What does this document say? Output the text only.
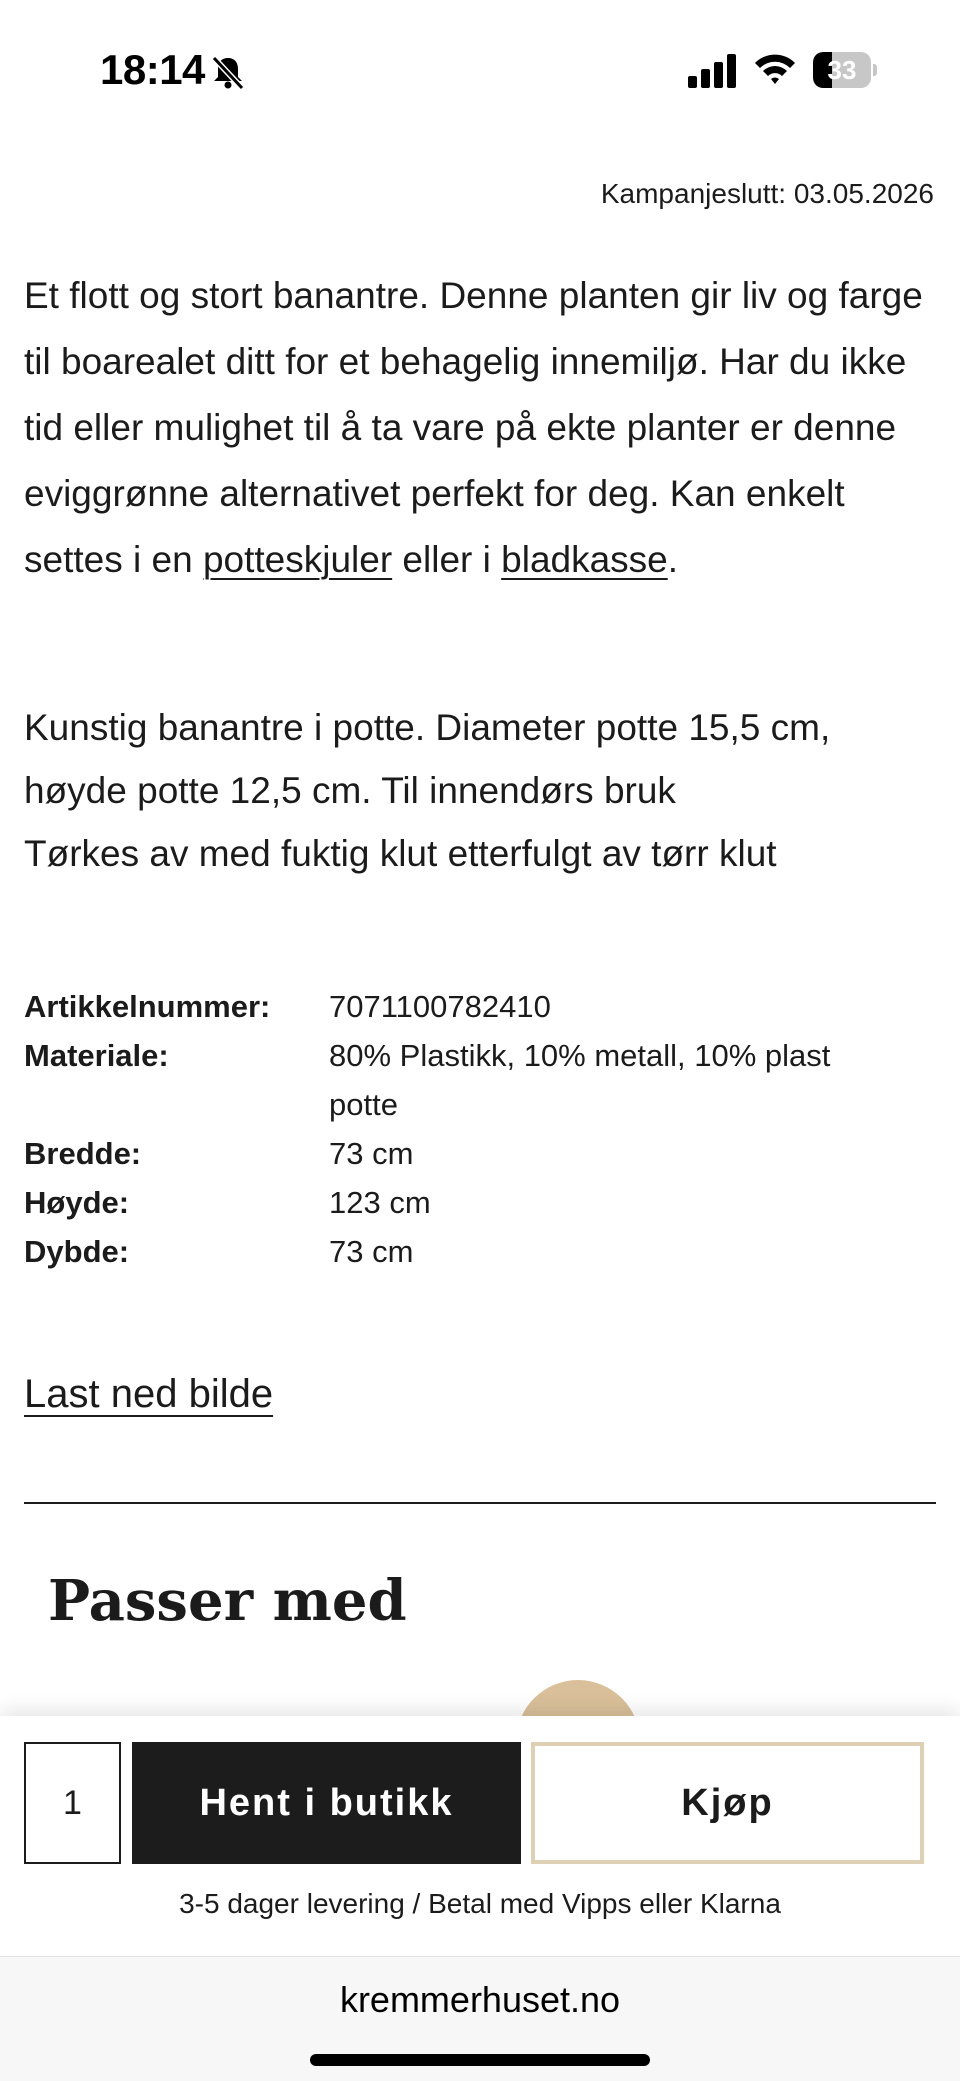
18:14	33
Kampanjeslutt: 03.05.2026

Et flott og stort banantre. Denne planten gir liv og farge til boarealet ditt for et behagelig innemiljø. Har du ikke tid eller mulighet til å ta vare på ekte planter er denne eviggrønne alternativet perfekt for deg. Kan enkelt settes i en potteskjuler eller i bladkasse.

Kunstig banantre i potte. Diameter potte 15,5 cm,
høyde potte 12,5 cm. Til innendørs bruk
Tørkes av med fuktig klut etterfulgt av tørr klut
Artikkelnummer:	7071100782410
Materiale:	80% Plastikk, 10% metall, 10% plast potte
Bredde:	73 cm
Høyde:	123 cm
Dybde:	73 cm
Last ned bilde
Passer med
1
Hent i butikk	Kjøp
3-5 dager levering / Betal med Vipps eller Klarna
kremmerhuset.no
